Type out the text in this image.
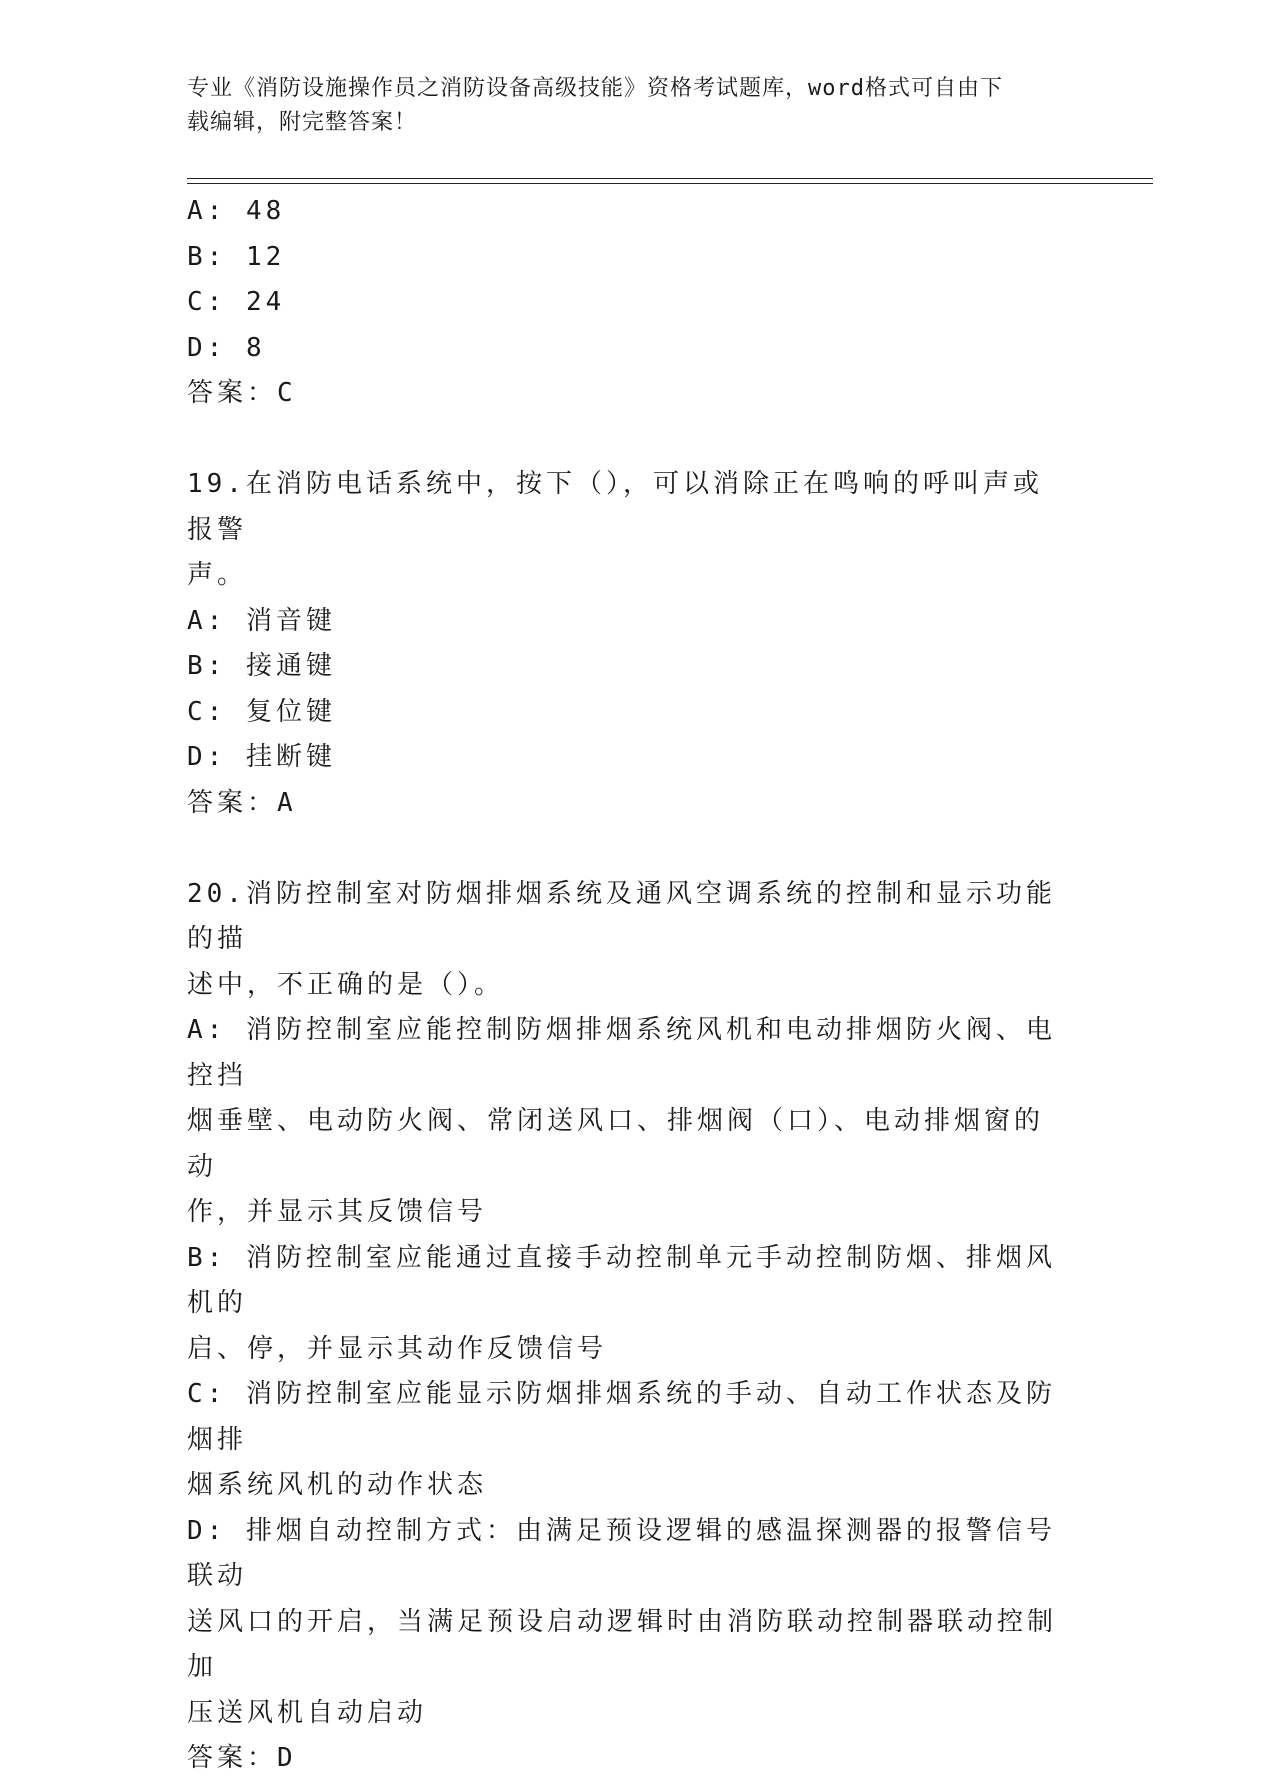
专业《消防设施操作员之消防设备高级技能》资格考试题库，word格式可自由下
载编辑，附完整答案！
A: 48
B: 12
C: 24
D: 8
答案：C
19.在消防电话系统中，按下（），可以消除正在鸣响的呼叫声或报警
声。
A: 消音键
B: 接通键
C: 复位键
D: 挂断键
答案：A
20.消防控制室对防烟排烟系统及通风空调系统的控制和显示功能的描
述中，不正确的是（）。
A: 消防控制室应能控制防烟排烟系统风机和电动排烟防火阀、电控挡
烟垂壁、电动防火阀、常闭送风口、排烟阀（口）、电动排烟窗的动
作，并显示其反馈信号
B: 消防控制室应能通过直接手动控制单元手动控制防烟、排烟风机的
启、停，并显示其动作反馈信号
C: 消防控制室应能显示防烟排烟系统的手动、自动工作状态及防烟排
烟系统风机的动作状态
D: 排烟自动控制方式：由满足预设逻辑的感温探测器的报警信号联动
送风口的开启，当满足预设启动逻辑时由消防联动控制器联动控制加
压送风机自动启动
答案：D
